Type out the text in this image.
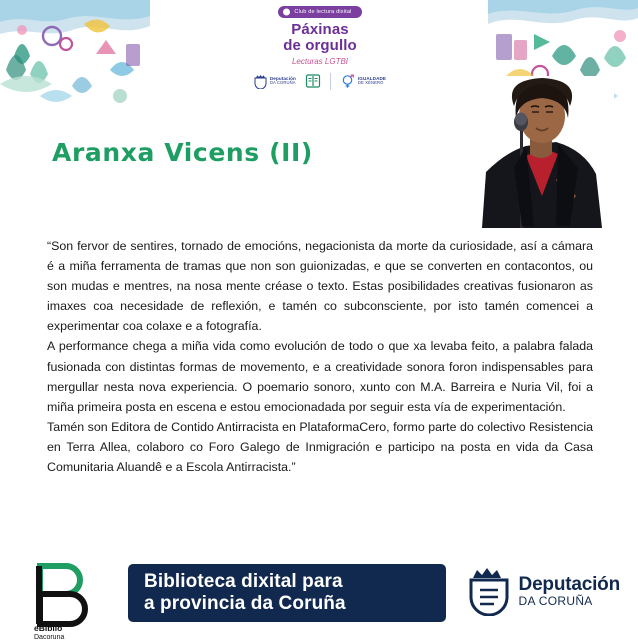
Club de lectura dixital
Páxinas
de orgullo
Lecturas LGTBI
Deputación
DA CORUÑA
IGUALDADE
DE XÉNERO
Aranxa Vicens (II)

“Son fervor de sentires, tornado de emocións, negacionista da morte da curiosidade, así a cámara é a miña ferramenta de tramas que non son guionizadas, e que se converten en contacontos, ou son mudas e mentres, na nosa mente créase o texto. Estas posibilidades creativas fusionaron as imaxes coa necesidade de reflexión, e tamén co subconsciente, por isto tamén comencei a experimentar coa colaxe e a fotografía.

A performance chega a miña vida como evolución de todo o que xa levaba feito, a palabra falada fusionada con distintas formas de movemento, e a creatividade sonora foron indispensables para mergullar nesta nova experiencia. O poemario sonoro, xunto con M.A. Barreira e Nuria Vil, foi a miña primeira posta en escena e estou emocionadada por seguir esta vía de experimentación.

Tamén son Editora de Contido Antirracista en PlataformaCero, formo parte do colectivo Resistencia en Terra Allea, colaboro co Foro Galego de Inmigración e participo na posta en vida da Casa Comunitaria Aluandê e a Escola Antirracista.”

eBiblio
Dacoruna
Biblioteca dixital para
a provincia da Coruña
Deputación
DA CORUÑA
